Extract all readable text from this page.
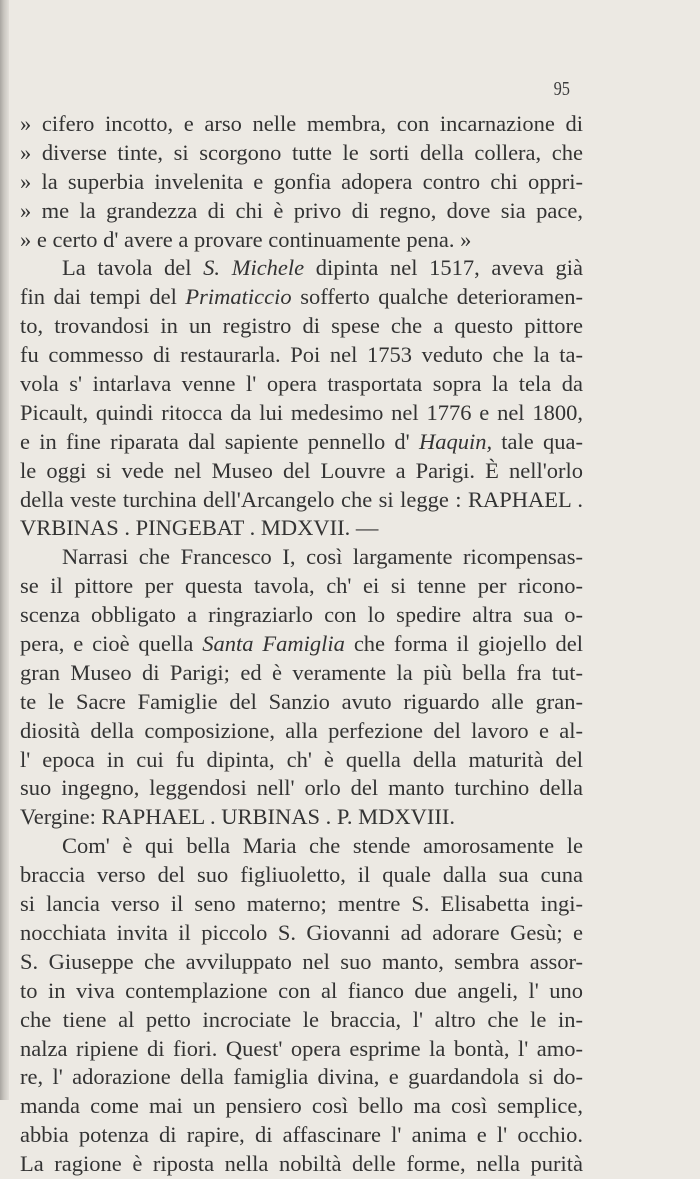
95
» cifero incotto, e arso nelle membra, con incarnazione di
» diverse tinte, si scorgono tutte le sorti della collera, che
» la superbia invelenita e gonfia adopera contro chi oppri-
» me la grandezza di chi è privo di regno, dove sia pace,
» e certo d' avere a provare continuamente pena. »
La tavola del S. Michele dipinta nel 1517, aveva già
fin dai tempi del Primaticcio sofferto qualche deterioramen-
to, trovandosi in un registro di spese che a questo pittore
fu commesso di restaurarla. Poi nel 1753 veduto che la ta-
vola s' intarlava venne l' opera trasportata sopra la tela da
Picault, quindi ritocca da lui medesimo nel 1776 e nel 1800,
e in fine riparata dal sapiente pennello d' Haquin, tale qua-
le oggi si vede nel Museo del Louvre a Parigi. È nell'orlo
della veste turchina dell'Arcangelo che si legge : RAPHAEL .
VRBINAS . PINGEBAT . MDXVII. —
Narrasi che Francesco I, così largamente ricompensas-
se il pittore per questa tavola, ch' ei si tenne per ricono-
scenza obbligato a ringraziarlo con lo spedire altra sua o-
pera, e cioè quella Santa Famiglia che forma il giojello del
gran Museo di Parigi; ed è veramente la più bella fra tut-
te le Sacre Famiglie del Sanzio avuto riguardo alle gran-
diosità della composizione, alla perfezione del lavoro e al-
l' epoca in cui fu dipinta, ch' è quella della maturità del
suo ingegno, leggendosi nell' orlo del manto turchino della
Vergine: RAPHAEL . URBINAS . P. MDXVIII.
Com' è qui bella Maria che stende amorosamente le
braccia verso del suo figliuoletto, il quale dalla sua cuna
si lancia verso il seno materno; mentre S. Elisabetta ingi-
nocchiata invita il piccolo S. Giovanni ad adorare Gesù; e
S. Giuseppe che avviluppato nel suo manto, sembra assor-
to in viva contemplazione con al fianco due angeli, l' uno
che tiene al petto incrociate le braccia, l' altro che le in-
nalza ripiene di fiori. Quest' opera esprime la bontà, l' amo-
re, l' adorazione della famiglia divina, e guardandola si do-
manda come mai un pensiero così bello ma così semplice,
abbia potenza di rapire, di affascinare l' anima e l' occhio.
La ragione è riposta nella nobiltà delle forme, nella purità
